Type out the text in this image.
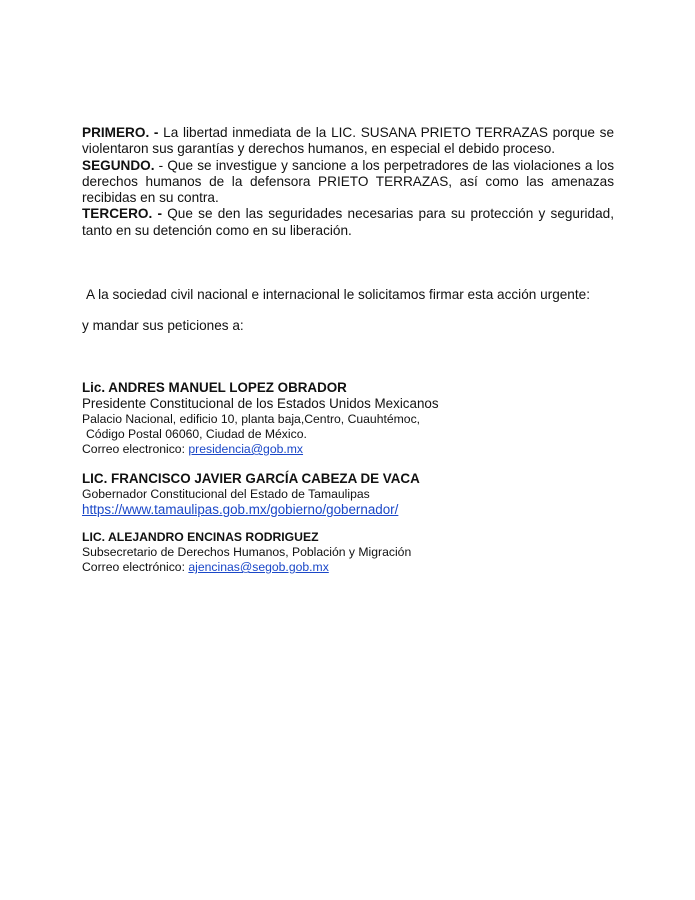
PRIMERO. - La libertad inmediata de la LIC. SUSANA PRIETO TERRAZAS porque se violentaron sus garantías y derechos humanos, en especial el debido proceso.

SEGUNDO. - Que se investigue y sancione a los perpetradores de las violaciones a los derechos humanos de la defensora PRIETO TERRAZAS, así como las amenazas recibidas en su contra.

TERCERO. - Que se den las seguridades necesarias para su protección y seguridad, tanto en su detención como en su liberación.

A la sociedad civil nacional e internacional le solicitamos firmar esta acción urgente:

y mandar sus peticiones a:

Lic. ANDRES MANUEL LOPEZ OBRADOR

Presidente Constitucional de los Estados Unidos Mexicanos

Palacio Nacional, edificio 10, planta baja,Centro, Cuauhtémoc,

Código Postal 06060, Ciudad de México.

Correo electronico: presidencia@gob.mx

LIC. FRANCISCO JAVIER GARCÍA CABEZA DE VACA

Gobernador Constitucional del Estado de Tamaulipas

https://www.tamaulipas.gob.mx/gobierno/gobernador/

LIC. ALEJANDRO ENCINAS RODRIGUEZ

Subsecretario de Derechos Humanos, Población y Migración

Correo electrónico: ajencinas@segob.gob.mx
